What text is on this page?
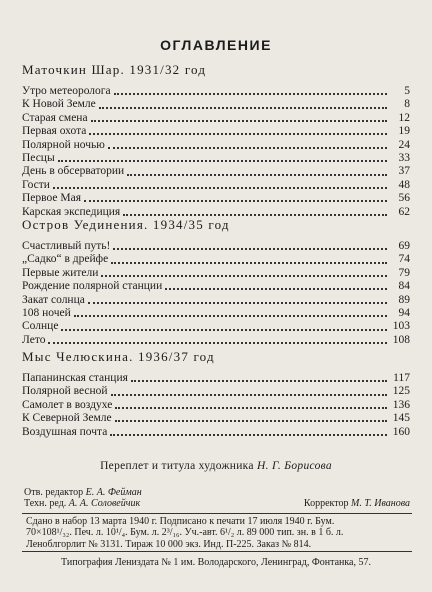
ОГЛАВЛЕНИЕ
Маточкин Шар. 1931/32 год
Утро метеоролога	5
К Новой Земле	8
Старая смена	12
Первая охота	19
Полярной ночью	24
Песцы	33
День в обсерватории	37
Гости	48
Первое Мая	56
Карская экспедиция	62
Остров Уединения. 1934/35 год
Счастливый путь!	69
„Садко“ в дрейфе	74
Первые жители	79
Рождение полярной станции	84
Закат солнца	89
108 ночей	94
Солнце	103
Лето	108
Мыс Челюскина. 1936/37 год
Папанинская станция	117
Полярной весной	125
Самолет в воздухе	136
К Северной Земле	145
Воздушная почта	160
Переплет и титула художника Н. Г. Борисова
Отв. редактор Е. А. Фейман
Техн. ред. А. А. Соловейчик	Корректор М. Т. Иванова
Сдано в набор 13 марта 1940 г. Подписано к печати 17 июля 1940 г. Бум.
70×108¹/₃₂. Печ. л. 10¹/₄. Бум. л. 2³/₁₆. Уч.-авт. 6¹/₂ л. 89 000 тип. зн. в 1 б. л.
Леноблгорлит № 3131. Тираж 10 000 экз. Инд. П-225. Заказ № 814.
Типография Лениздата № 1 им. Володарского, Ленинград, Фонтанка, 57.
